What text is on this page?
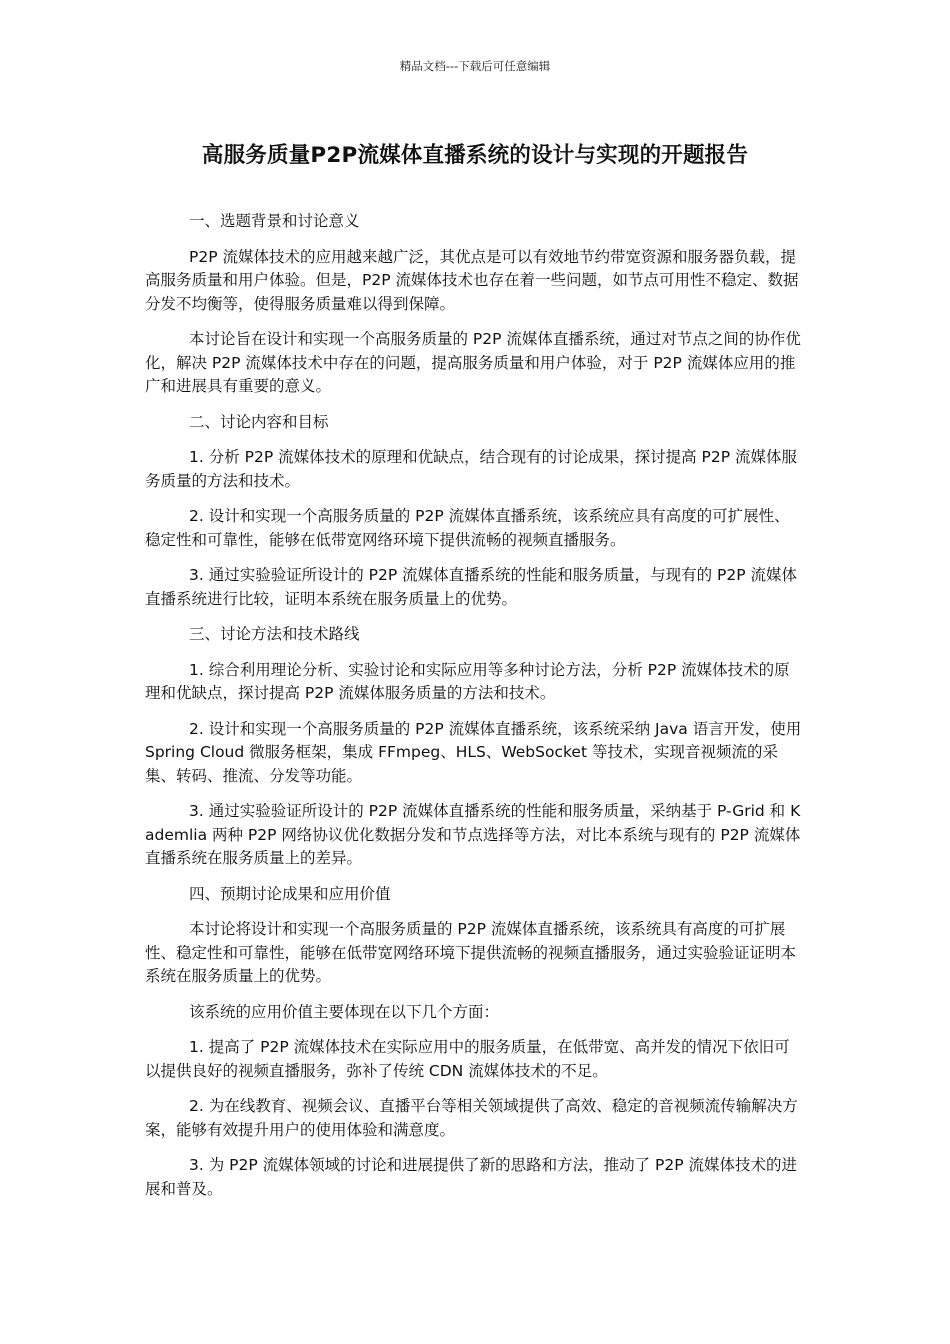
精品文档---下载后可任意编辑
高服务质量P2P流媒体直播系统的设计与实现的开题报告

一、选题背景和讨论意义

P2P 流媒体技术的应用越来越广泛，其优点是可以有效地节约带宽资源和服务器负载，提高服务质量和用户体验。但是，P2P 流媒体技术也存在着一些问题，如节点可用性不稳定、数据分发不均衡等，使得服务质量难以得到保障。

本讨论旨在设计和实现一个高服务质量的 P2P 流媒体直播系统，通过对节点之间的协作优化，解决 P2P 流媒体技术中存在的问题，提高服务质量和用户体验，对于 P2P 流媒体应用的推广和进展具有重要的意义。

二、讨论内容和目标

1. 分析 P2P 流媒体技术的原理和优缺点，结合现有的讨论成果，探讨提高 P2P 流媒体服务质量的方法和技术。

2. 设计和实现一个高服务质量的 P2P 流媒体直播系统，该系统应具有高度的可扩展性、稳定性和可靠性，能够在低带宽网络环境下提供流畅的视频直播服务。

3. 通过实验验证所设计的 P2P 流媒体直播系统的性能和服务质量，与现有的 P2P 流媒体直播系统进行比较，证明本系统在服务质量上的优势。

三、讨论方法和技术路线

1. 综合利用理论分析、实验讨论和实际应用等多种讨论方法，分析 P2P 流媒体技术的原理和优缺点，探讨提高 P2P 流媒体服务质量的方法和技术。

2. 设计和实现一个高服务质量的 P2P 流媒体直播系统，该系统采纳 Java 语言开发，使用 Spring Cloud 微服务框架，集成 FFmpeg、HLS、WebSocket 等技术，实现音视频流的采集、转码、推流、分发等功能。

3. 通过实验验证所设计的 P2P 流媒体直播系统的性能和服务质量，采纳基于 P-Grid 和 Kademlia 两种 P2P 网络协议优化数据分发和节点选择等方法，对比本系统与现有的 P2P 流媒体直播系统在服务质量上的差异。

四、预期讨论成果和应用价值

本讨论将设计和实现一个高服务质量的 P2P 流媒体直播系统，该系统具有高度的可扩展性、稳定性和可靠性，能够在低带宽网络环境下提供流畅的视频直播服务，通过实验验证证明本系统在服务质量上的优势。

该系统的应用价值主要体现在以下几个方面：

1. 提高了 P2P 流媒体技术在实际应用中的服务质量，在低带宽、高并发的情况下依旧可以提供良好的视频直播服务，弥补了传统 CDN 流媒体技术的不足。

2. 为在线教育、视频会议、直播平台等相关领域提供了高效、稳定的音视频流传输解决方案，能够有效提升用户的使用体验和满意度。

3. 为 P2P 流媒体领域的讨论和进展提供了新的思路和方法，推动了 P2P 流媒体技术的进展和普及。
